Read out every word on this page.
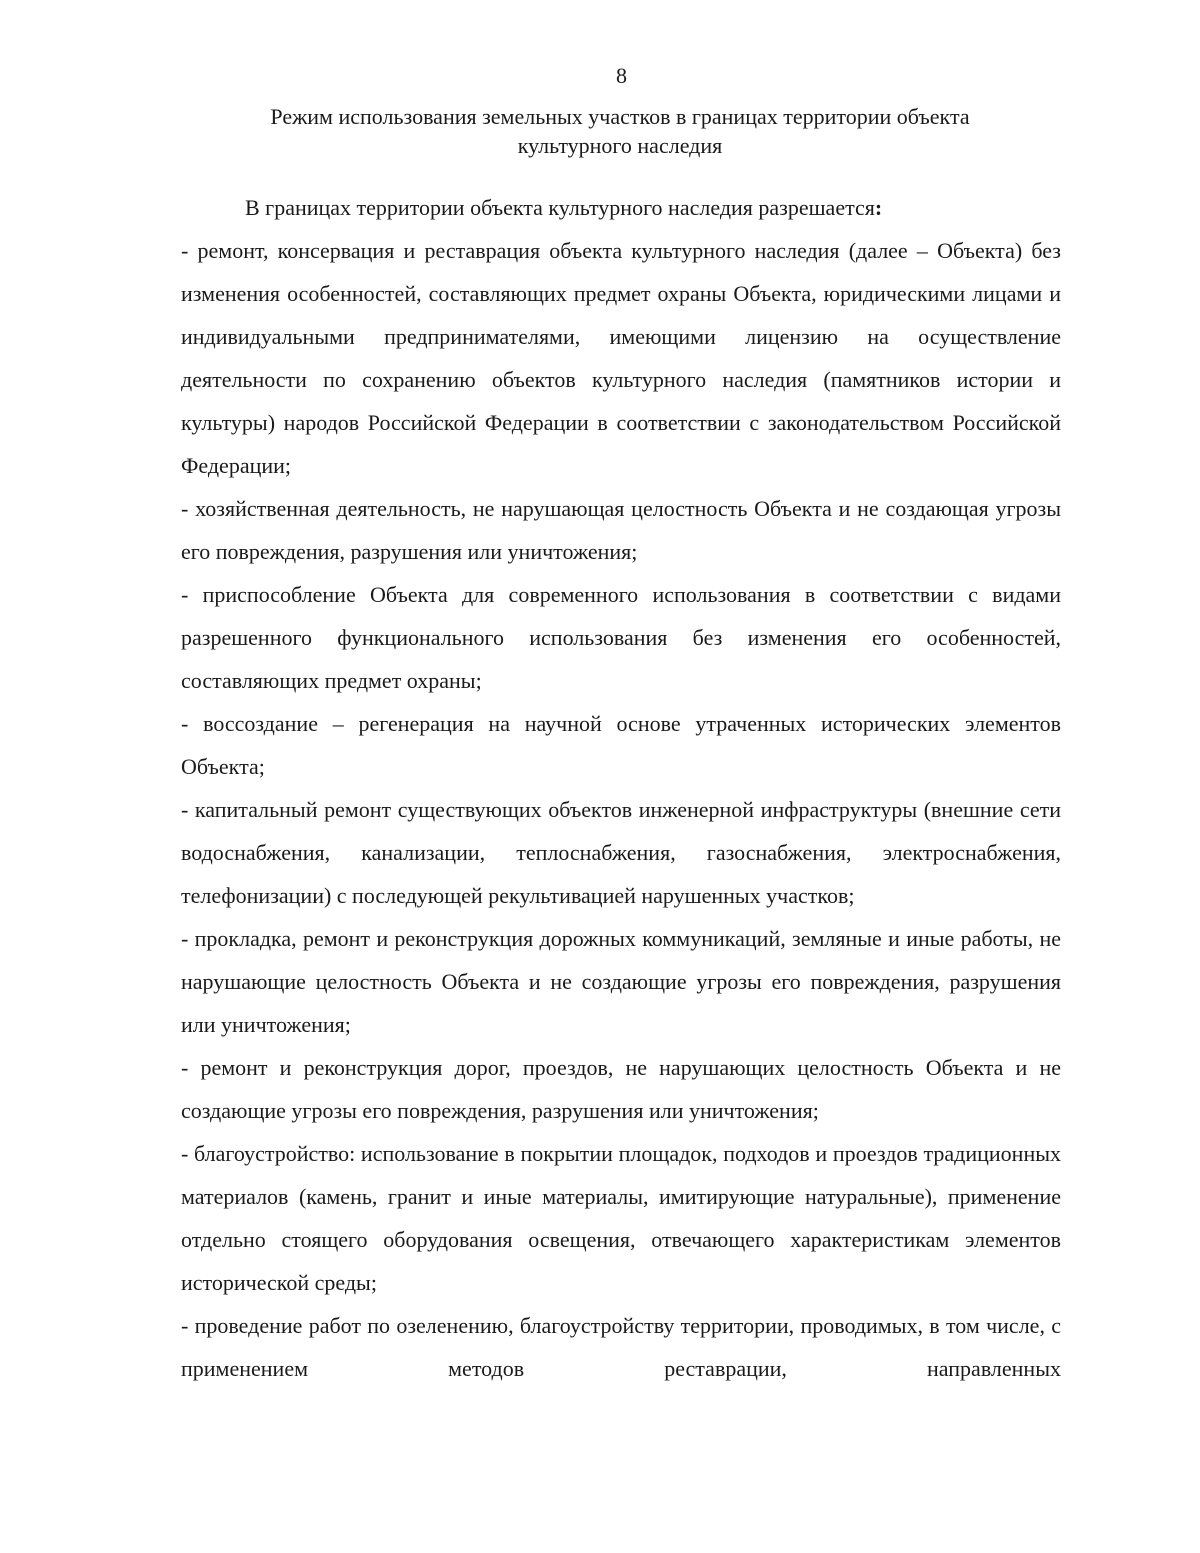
8
Режим использования земельных участков в границах территории объекта
культурного наследия

В границах территории объекта культурного наследия разрешается:

- ремонт, консервация и реставрация объекта культурного наследия (далее – Объекта) без изменения особенностей, составляющих предмет охраны Объекта, юридическими лицами и индивидуальными предпринимателями, имеющими лицензию на осуществление деятельности по сохранению объектов культурного наследия (памятников истории и культуры) народов Российской Федерации в соответствии с законодательством Российской Федерации;

- хозяйственная деятельность, не нарушающая целостность Объекта и не создающая угрозы его повреждения, разрушения или уничтожения;

- приспособление Объекта для современного использования в соответствии с видами разрешенного функционального использования без изменения его особенностей, составляющих предмет охраны;

- воссоздание – регенерация на научной основе утраченных исторических элементов Объекта;

- капитальный ремонт существующих объектов инженерной инфраструктуры (внешние сети водоснабжения, канализации, теплоснабжения, газоснабжения, электроснабжения, телефонизации) с последующей рекультивацией нарушенных участков;

- прокладка, ремонт и реконструкция дорожных коммуникаций, земляные и иные работы, не нарушающие целостность Объекта и не создающие угрозы его повреждения, разрушения или уничтожения;

- ремонт и реконструкция дорог, проездов, не нарушающих целостность Объекта и не создающие угрозы его повреждения, разрушения или уничтожения;

- благоустройство: использование в покрытии площадок, подходов и проездов традиционных материалов (камень, гранит и иные материалы, имитирующие натуральные), применение отдельно стоящего оборудования освещения, отвечающего характеристикам элементов исторической среды;

- проведение работ по озеленению, благоустройству территории, проводимых, в том числе, с применением методов реставрации, направленных
